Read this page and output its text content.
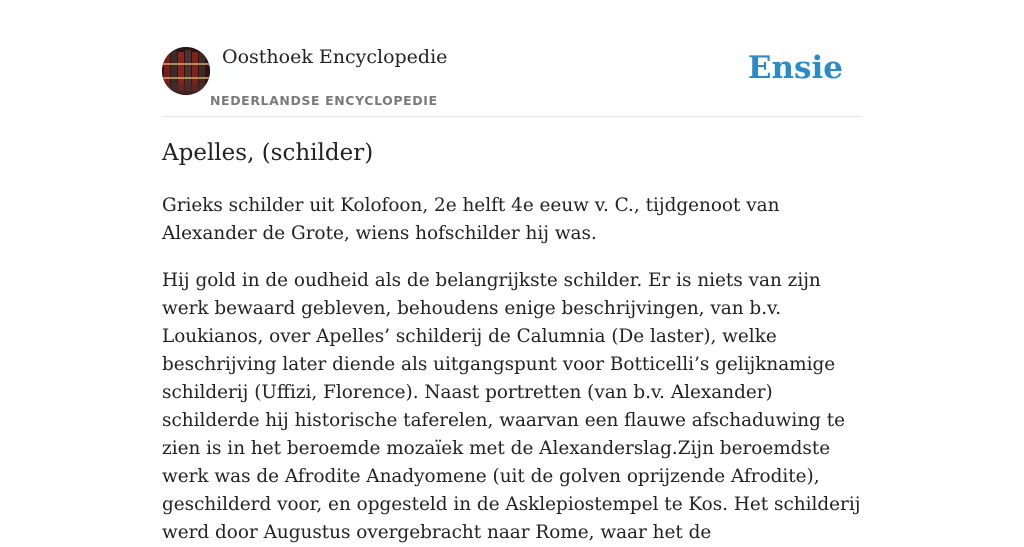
Oosthoek Encyclopedie
NEDERLANDSE ENCYCLOPEDIE
Ensie
Apelles, (schilder)

Grieks schilder uit Kolofoon, 2e helft 4e eeuw v. C., tijdgenoot van Alexander de Grote, wiens hofschilder hij was.

Hij gold in de oudheid als de belangrijkste schilder. Er is niets van zijn werk bewaard gebleven, behoudens enige beschrijvingen, van b.v. Loukianos, over Apelles’ schilderij de Calumnia (De laster), welke beschrijving later diende als uitgangspunt voor Botticelli’s gelijknamige schilderij (Uffizi, Florence). Naast portretten (van b.v. Alexander) schilderde hij historische taferelen, waarvan een flauwe afschaduwing te zien is in het beroemde mozaïek met de Alexanderslag.Zijn beroemdste werk was de Afrodite Anadyomene (uit de golven oprijzende Afrodite), geschilderd voor, en opgesteld in de Asklepiostempel te Kos. Het schilderij werd door Augustus overgebracht naar Rome, waar het de
